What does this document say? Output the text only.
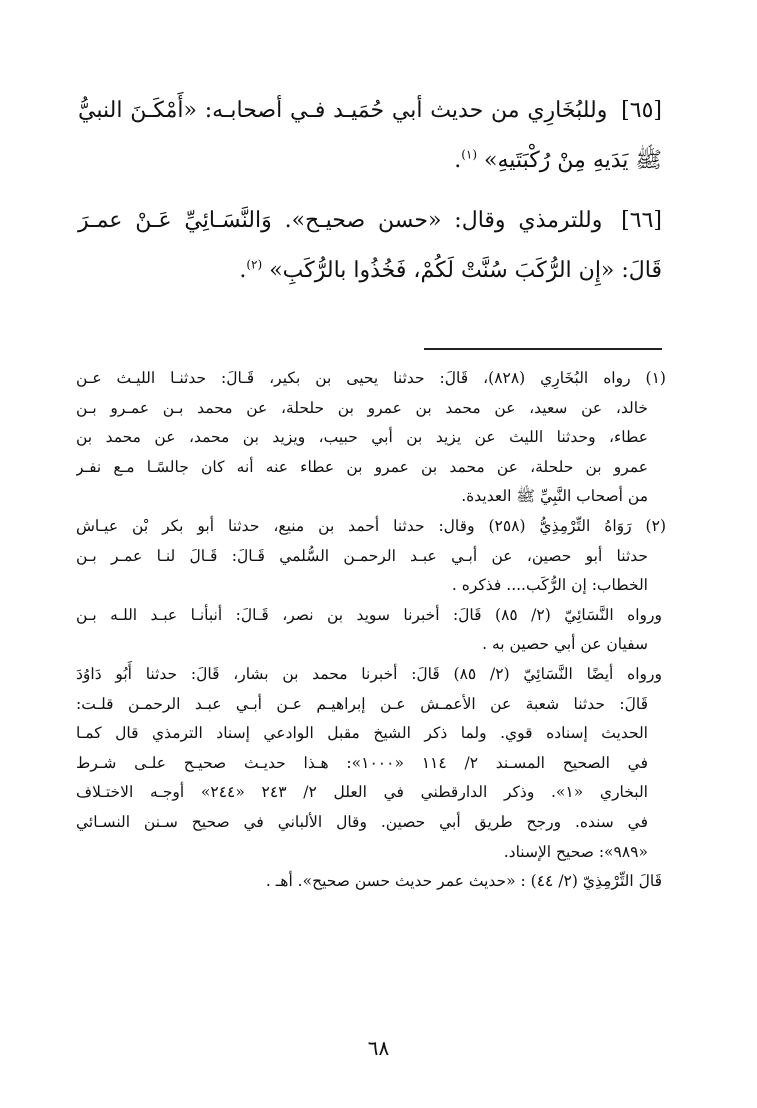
[٦٥] وللبُخَارِي من حديث أبي حُمَيـد فـي أصحابـه: «أَمْكَـنَ النبيُّ ﷺ يَدَيهِ مِنْ رُكْبَتَيهِ» $^{(١)}$.

[٦٦] وللترمذي وقال: «حسن صحيـح». وَالنَّسَـائِيِّ عَـنْ عمـرَ قَالَ: «إِن الرُّكَبَ سُنَّتْ لَكُمْ، فَخُذُوا بالرُّكَبِ» $^{(٢)}$.

(١) رواه البُخَارِي (٨٢٨)، قَالَ: حدثنا يحيى بن بكير، قَـالَ: حدثنـا الليـث عـن
خالد، عن سعيد، عن محمد بن عمرو بن حلحلة، عن محمد بـن عمـرو بـن
عطاء، وحدثنا الليث عن يزيد بن أبي حبيب، ويزيد بن محمد، عن محمد بن
عمرو بن حلحلة، عن محمد بن عمرو بن عطاء عنه أنه كان جالسًـا مـع نفـر
من أصحاب النَّبِيِّ ﷺ العديدة.
(٢) رَوَاهُ التِّرْمِذِيُّ (٢٥٨) وقال: حدثنا أحمد بن منيع، حدثنا أبو بكر بْن عيـاش
حدثنا أبو حصين، عن أبـي عبـد الرحمـن السُّلمي قَـالَ: قَـالَ لنـا عمـر بـن
الخطاب: إن الرُّكَب.... فذكره .
ورواه النَّسَائِيّ (٢/ ٨٥) قَالَ: أخبرنا سويد بن نصر، قَـالَ: أنبأنـا عبـد اللـه بـن
سفيان عن أبي حصين به .
ورواه أيضًا النَّسَائِيّ (٢/ ٨٥) قَالَ: أخبرنا محمد بن بشار، قَالَ: حدثنا أَبُو دَاوُدَ
قَالَ: حدثنا شعبة عن الأعمـش عـن إبراهيـم عـن أبـي عبـد الرحمـن قلـت:
الحديث إسناده قوي. ولما ذكر الشيخ مقبل الوادعي إسناد الترمذي قال كمـا
في الصحيح المسـند ٢/ ١١٤ «١٠٠٠»: هـذا حديـث صحيـح علـى شـرط
البخاري «١». وذكر الدارقطني في العلل ٢/ ٢٤٣ «٢٤٤» أوجـه الاختـلاف
في سنده. ورجح طريق أبي حصين. وقال الألباني في صحيح سـنن النسـائي
«٩٨٩»: صحيح الإسناد.
قَالَ التِّرْمِذِيّ (٢/ ٤٤) : «حديث عمر حديث حسن صحيح». أهـ .
٦٨
